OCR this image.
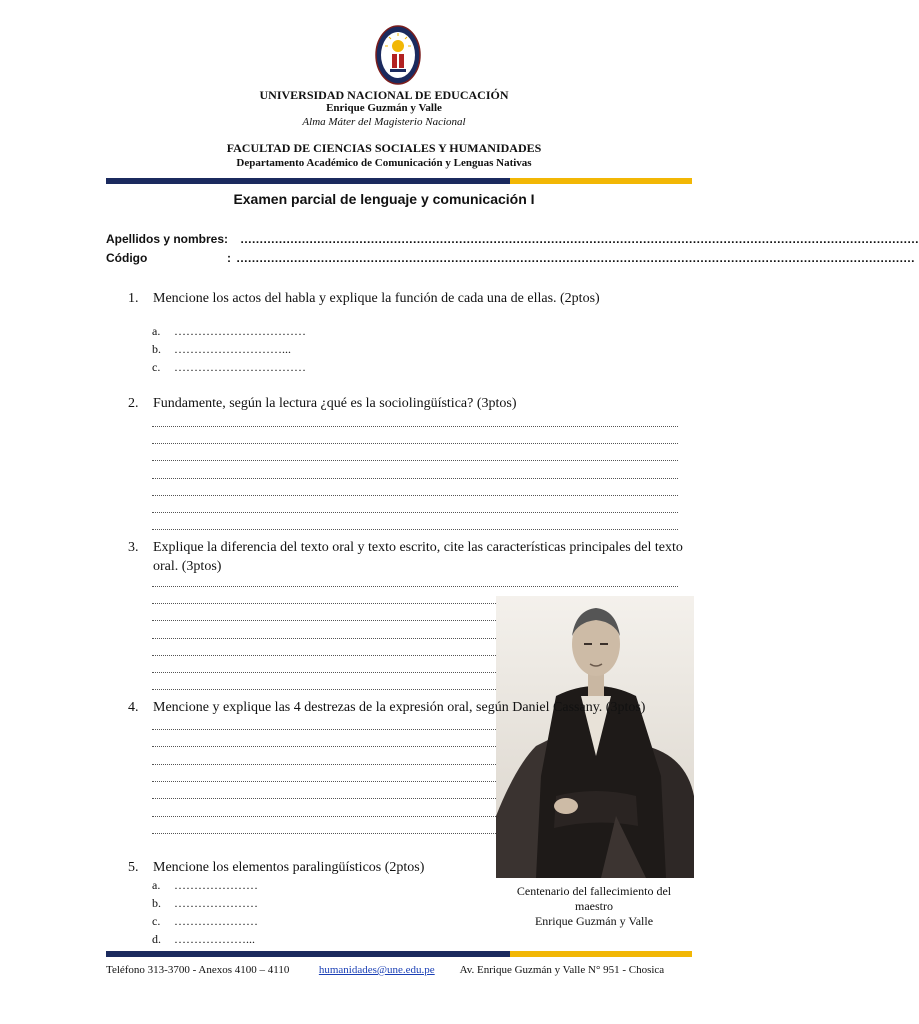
UNIVERSIDAD NACIONAL DE EDUCACIÓN
Enrique Guzmán y Valle
Alma Máter del Magisterio Nacional
FACULTAD DE CIENCIAS SOCIALES Y HUMANIDADES
Departamento Académico de Comunicación y Lenguas Nativas
Examen parcial de lenguaje y comunicación I
Apellidos y nombres: ……………………………………………………………………………………………………………………………………………………………
Código	: ……………………………………………………………………………………………………………………………………………………………
1. Mencione los actos del habla y explique la función de cada una de ellas. (2ptos)
a. ……………………………
b. ………………………...
c. ……………………………
2. Fundamente, según la lectura ¿qué es la sociolingüística? (3ptos)
3. Explique la diferencia del texto oral y texto escrito, cite las características principales del texto oral. (3ptos)
4. Mencione y explique las 4 destrezas de la expresión oral, según Daniel Cassany. (3ptos)
5. Mencione los elementos paralingüísticos (2ptos)
a. …………………
b. …………………
c. …………………
d. ………………...
Centenario del fallecimiento del
maestro
Enrique Guzmán y Valle
Teléfono 313-3700 - Anexos 4100 – 4110	humanidades@une.edu.pe Av. Enrique Guzmán y Valle N° 951 - Chosica
